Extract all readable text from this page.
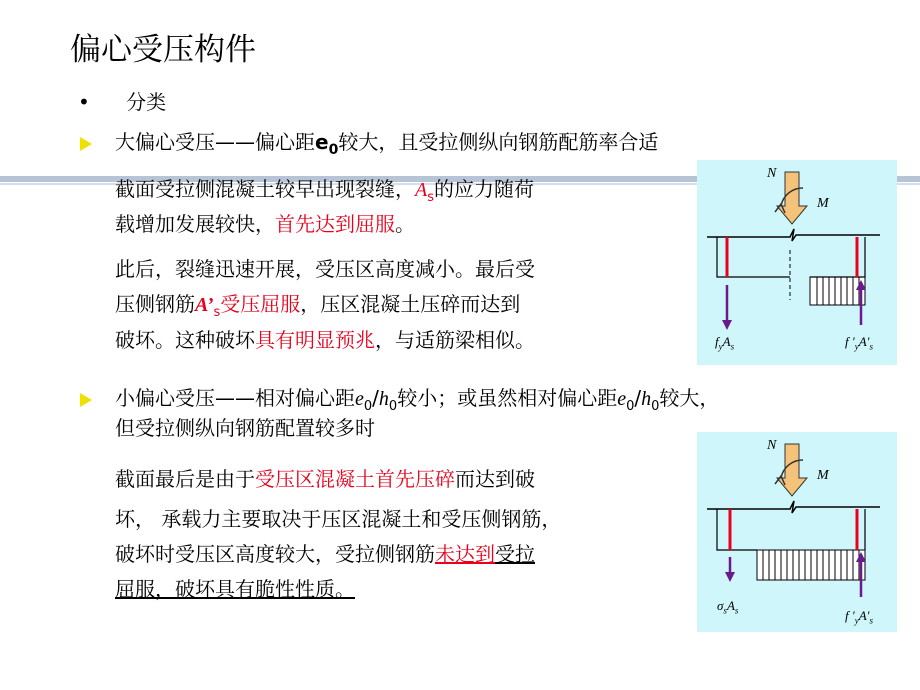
偏心受压构件
• 分类
大偏心受压——偏心距$e_0$较大，且受拉侧纵向钢筋配筋率合适
截面受拉侧混凝土较早出现裂缝，$A_s$的应力随荷
载增加发展较快，首先达到屈服。
此后，裂缝迅速开展，受压区高度减小。最后受
压侧钢筋$A’_s$受压屈服，压区混凝土压碎而达到
破坏。这种破坏具有明显预兆，与适筋梁相似。
N
M
$f_yA_s$	f $'_yA'_s$
小偏心受压——相对偏心距$e_0/h_0$较小；或虽然相对偏心距$e_0/h_0$较大，
但受拉侧纵向钢筋配置较多时
截面最后是由于受压区混凝土首先压碎而达到破
坏， 承载力主要取决于压区混凝土和受压侧钢筋，
破坏时受压区高度较大，受拉侧钢筋未达到受拉
屈服，破坏具有脆性性质。
N
M
$\sigma_sA_s$	f $'_yA'_s$
